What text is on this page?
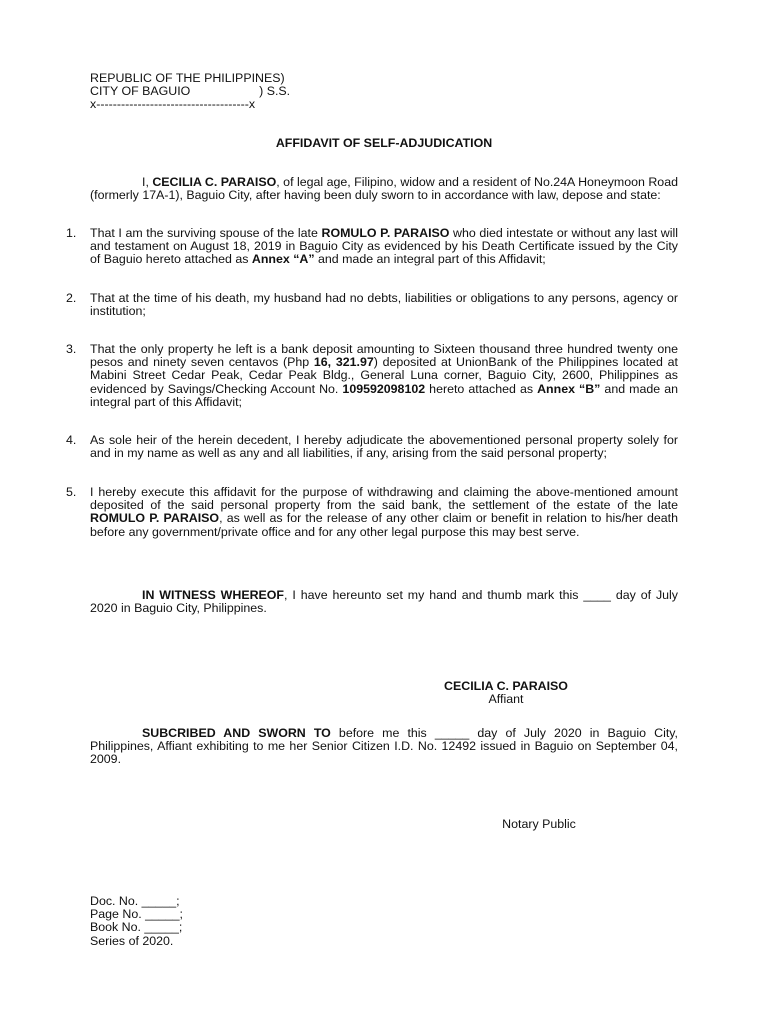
REPUBLIC OF THE PHILIPPINES)
CITY OF BAGUIO                    ) S.S.
x-------------------------------------x
AFFIDAVIT OF SELF-ADJUDICATION
I, CECILIA C. PARAISO, of legal age, Filipino, widow and a resident of No.24A Honeymoon Road (formerly 17A-1), Baguio City, after having been duly sworn to in accordance with law, depose and state:
1.	That I am the surviving spouse of the late ROMULO P. PARAISO who died intestate or without any last will and testament on August 18, 2019 in Baguio City as evidenced by his Death Certificate issued by the City of Baguio hereto attached as Annex “A” and made an integral part of this Affidavit;
2.	That at the time of his death, my husband had no debts, liabilities or obligations to any persons, agency or institution;
3.	That the only property he left is a bank deposit amounting to Sixteen thousand three hundred twenty one pesos and ninety seven centavos (Php 16, 321.97) deposited at UnionBank of the Philippines located at Mabini Street Cedar Peak, Cedar Peak Bldg., General Luna corner, Baguio City, 2600, Philippines as evidenced by Savings/Checking Account No. 109592098102 hereto attached as Annex “B” and made an integral part of this Affidavit;
4.	As sole heir of the herein decedent, I hereby adjudicate the abovementioned personal property solely for and in my name as well as any and all liabilities, if any, arising from the said personal property;
5.	I hereby execute this affidavit for the purpose of withdrawing and claiming the above-mentioned amount deposited of the said personal property from the said bank, the settlement of the estate of the late ROMULO P. PARAISO, as well as for the release of any other claim or benefit in relation to his/her death before any government/private office and for any other legal purpose this may best serve.
IN WITNESS WHEREOF, I have hereunto set my hand and thumb mark this ____ day of July 2020 in Baguio City, Philippines.
CECILIA C. PARAISO
Affiant
SUBCRIBED AND SWORN TO before me this _____ day of July 2020 in Baguio City, Philippines, Affiant exhibiting to me her Senior Citizen I.D. No. 12492 issued in Baguio on September 04, 2009.
Notary Public
Doc. No. _____;
Page No. _____;
Book No. _____;
Series of 2020.
